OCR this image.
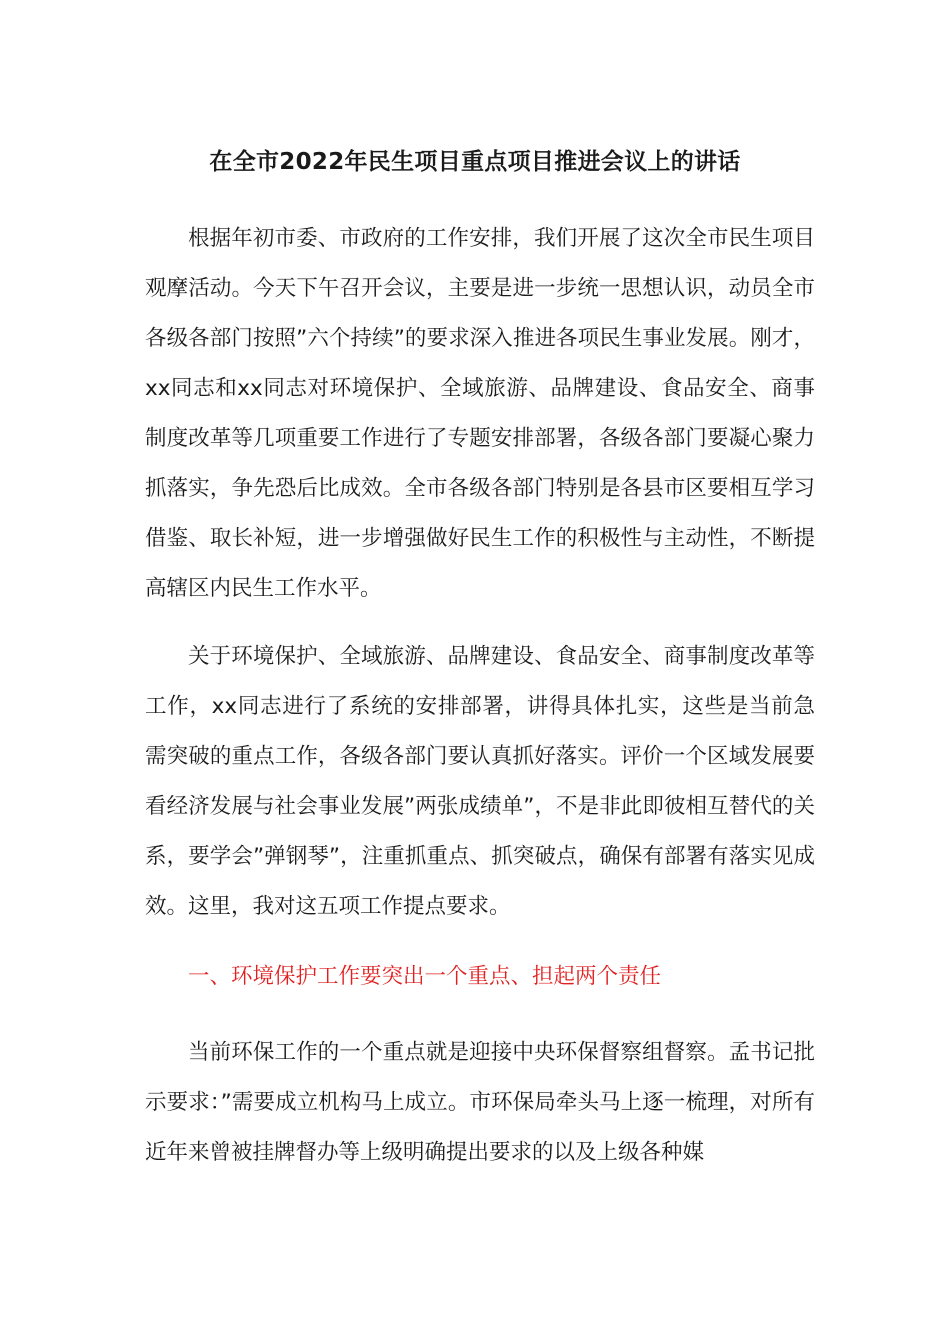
在全市2022年民生项目重点项目推进会议上的讲话

根据年初市委、市政府的工作安排，我们开展了这次全市民生项目观摩活动。今天下午召开会议，主要是进一步统一思想认识，动员全市各级各部门按照”六个持续”的要求深入推进各项民生事业发展。刚才，xx同志和xx同志对环境保护、全域旅游、品牌建设、食品安全、商事制度改革等几项重要工作进行了专题安排部署，各级各部门要凝心聚力抓落实，争先恐后比成效。全市各级各部门特别是各县市区要相互学习借鉴、取长补短，进一步增强做好民生工作的积极性与主动性，不断提高辖区内民生工作水平。

关于环境保护、全域旅游、品牌建设、食品安全、商事制度改革等工作，xx同志进行了系统的安排部署，讲得具体扎实，这些是当前急需突破的重点工作，各级各部门要认真抓好落实。评价一个区域发展要看经济发展与社会事业发展”两张成绩单”，不是非此即彼相互替代的关系，要学会”弹钢琴”，注重抓重点、抓突破点，确保有部署有落实见成效。这里，我对这五项工作提点要求。

一、环境保护工作要突出一个重点、担起两个责任

当前环保工作的一个重点就是迎接中央环保督察组督察。孟书记批示要求：”需要成立机构马上成立。市环保局牵头马上逐一梳理，对所有近年来曾被挂牌督办等上级明确提出要求的以及上级各种媒
